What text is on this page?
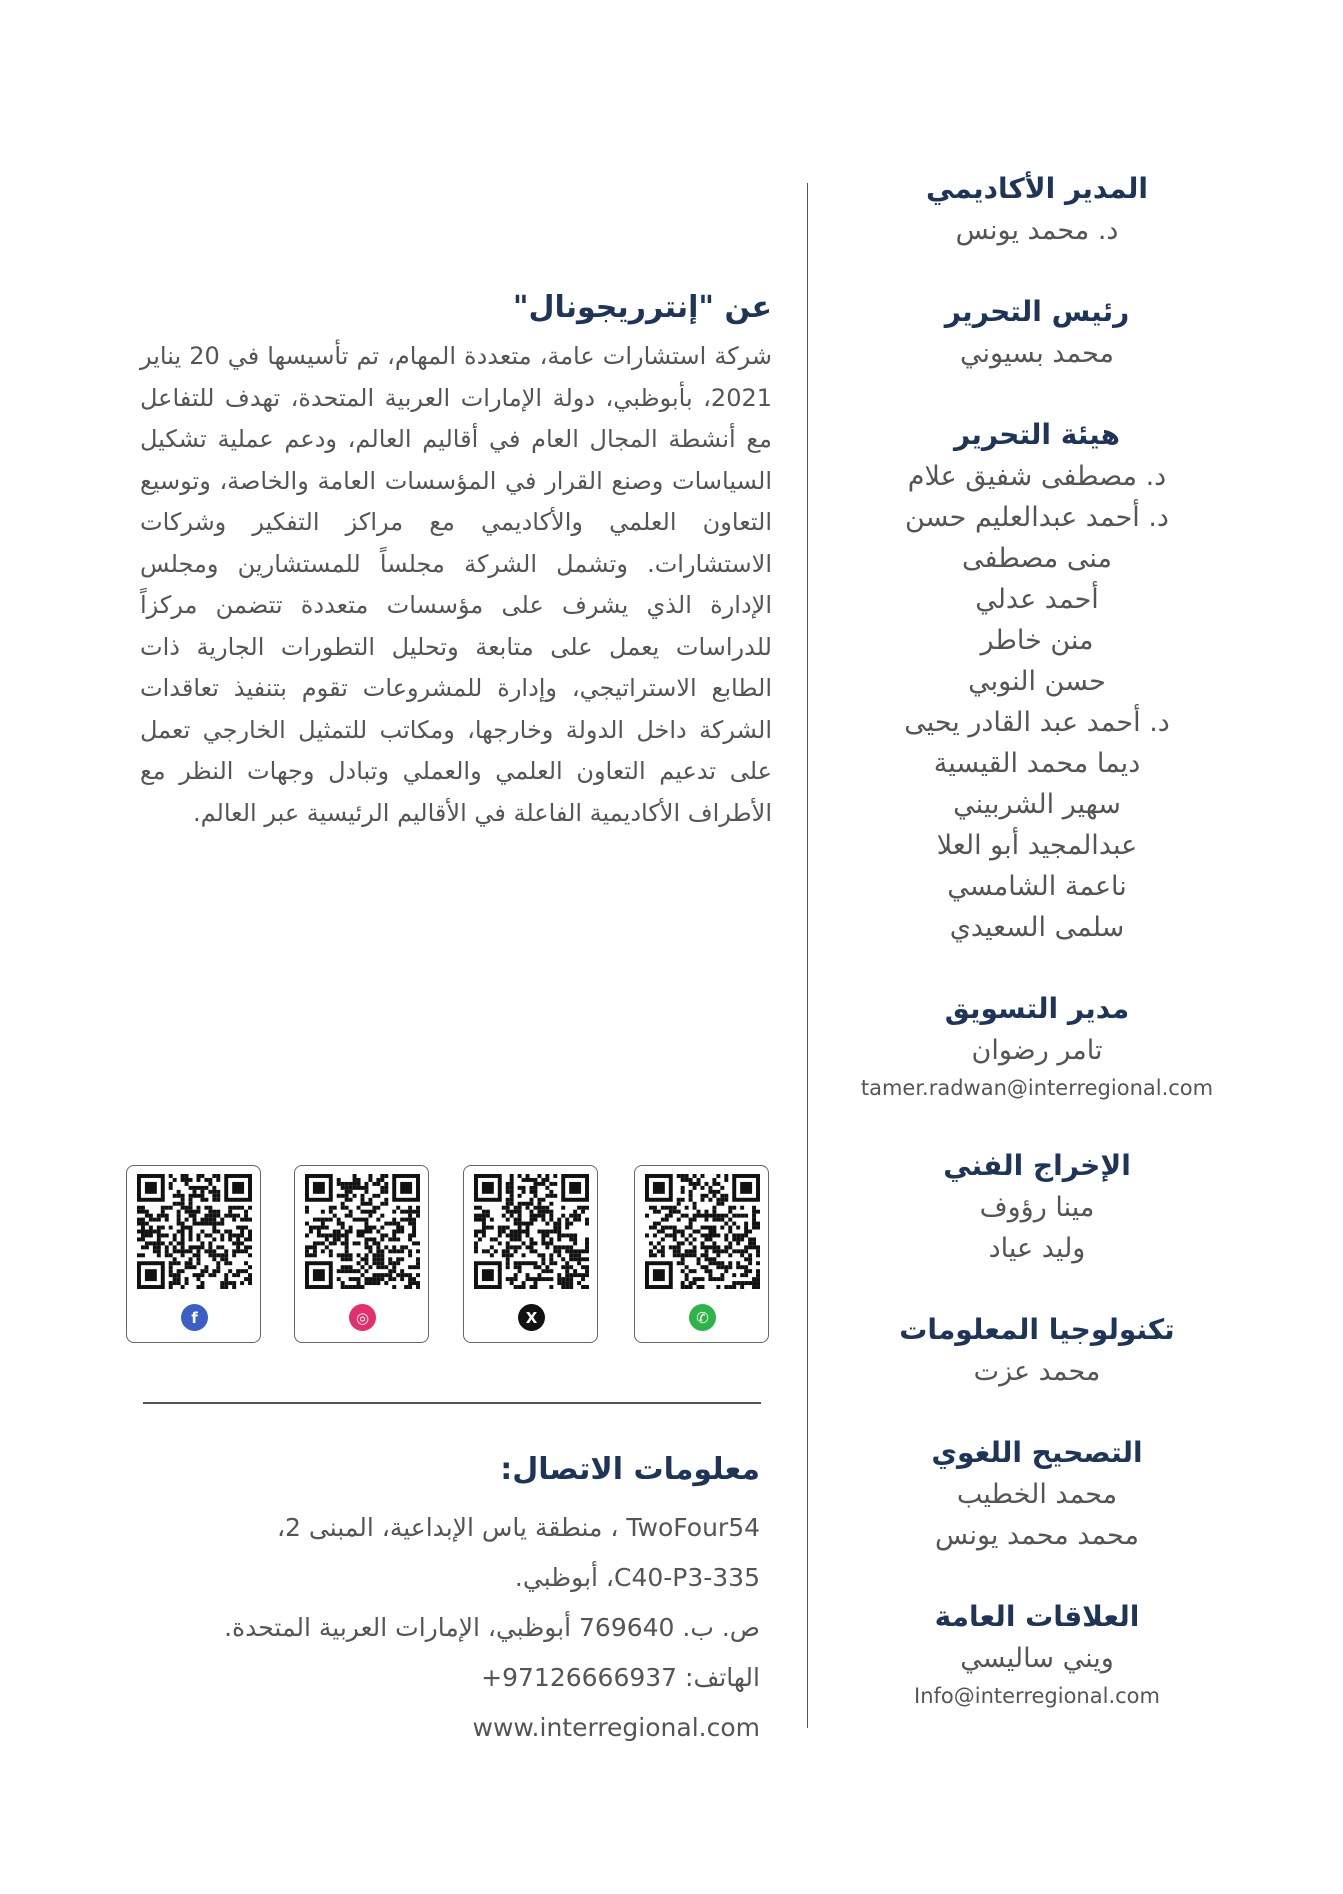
المدير الأكاديمي
د. محمد يونس
رئيس التحرير
محمد بسيوني
هيئة التحرير
د. مصطفى شفيق علام
د. أحمد عبدالعليم حسن
منى مصطفى
أحمد عدلي
منن خاطر
حسن النوبي
د. أحمد عبد القادر يحيى
ديما محمد القيسية
سهير الشربيني
عبدالمجيد أبو العلا
ناعمة الشامسي
سلمى السعيدي
مدير التسويق
تامر رضوان
tamer.radwan@interregional.com
الإخراج الفني
مينا رؤوف
وليد عياد
تكنولوجيا المعلومات
محمد عزت
التصحيح اللغوي
محمد الخطيب
محمد محمد يونس
العلاقات العامة
ويني ساليسي
Info@interregional.com
عن "إنترريجونال"
شركة استشارات عامة، متعددة المهام، تم تأسيسها في 20 يناير 2021، بأبوظبي، دولة الإمارات العربية المتحدة، تهدف للتفاعل مع أنشطة المجال العام في أقاليم العالم، ودعم عملية تشكيل السياسات وصنع القرار في المؤسسات العامة والخاصة، وتوسيع التعاون العلمي والأكاديمي مع مراكز التفكير وشركات الاستشارات. وتشمل الشركة مجلساً للمستشارين ومجلس الإدارة الذي يشرف على مؤسسات متعددة تتضمن مركزاً للدراسات يعمل على متابعة وتحليل التطورات الجارية ذات الطابع الاستراتيجي، وإدارة للمشروعات تقوم بتنفيذ تعاقدات الشركة داخل الدولة وخارجها، ومكاتب للتمثيل الخارجي تعمل على تدعيم التعاون العلمي والعملي وتبادل وجهات النظر مع الأطراف الأكاديمية الفاعلة في الأقاليم الرئيسية عبر العالم.
f	◎	X	✆
معلومات الاتصال:
TwoFour54 ، منطقة ياس الإبداعية، المبنى 2،
C40-P3-335، أبوظبي.
ص. ب. 769640 أبوظبي، الإمارات العربية المتحدة.
الهاتف: 97126666937+
www.interregional.com
